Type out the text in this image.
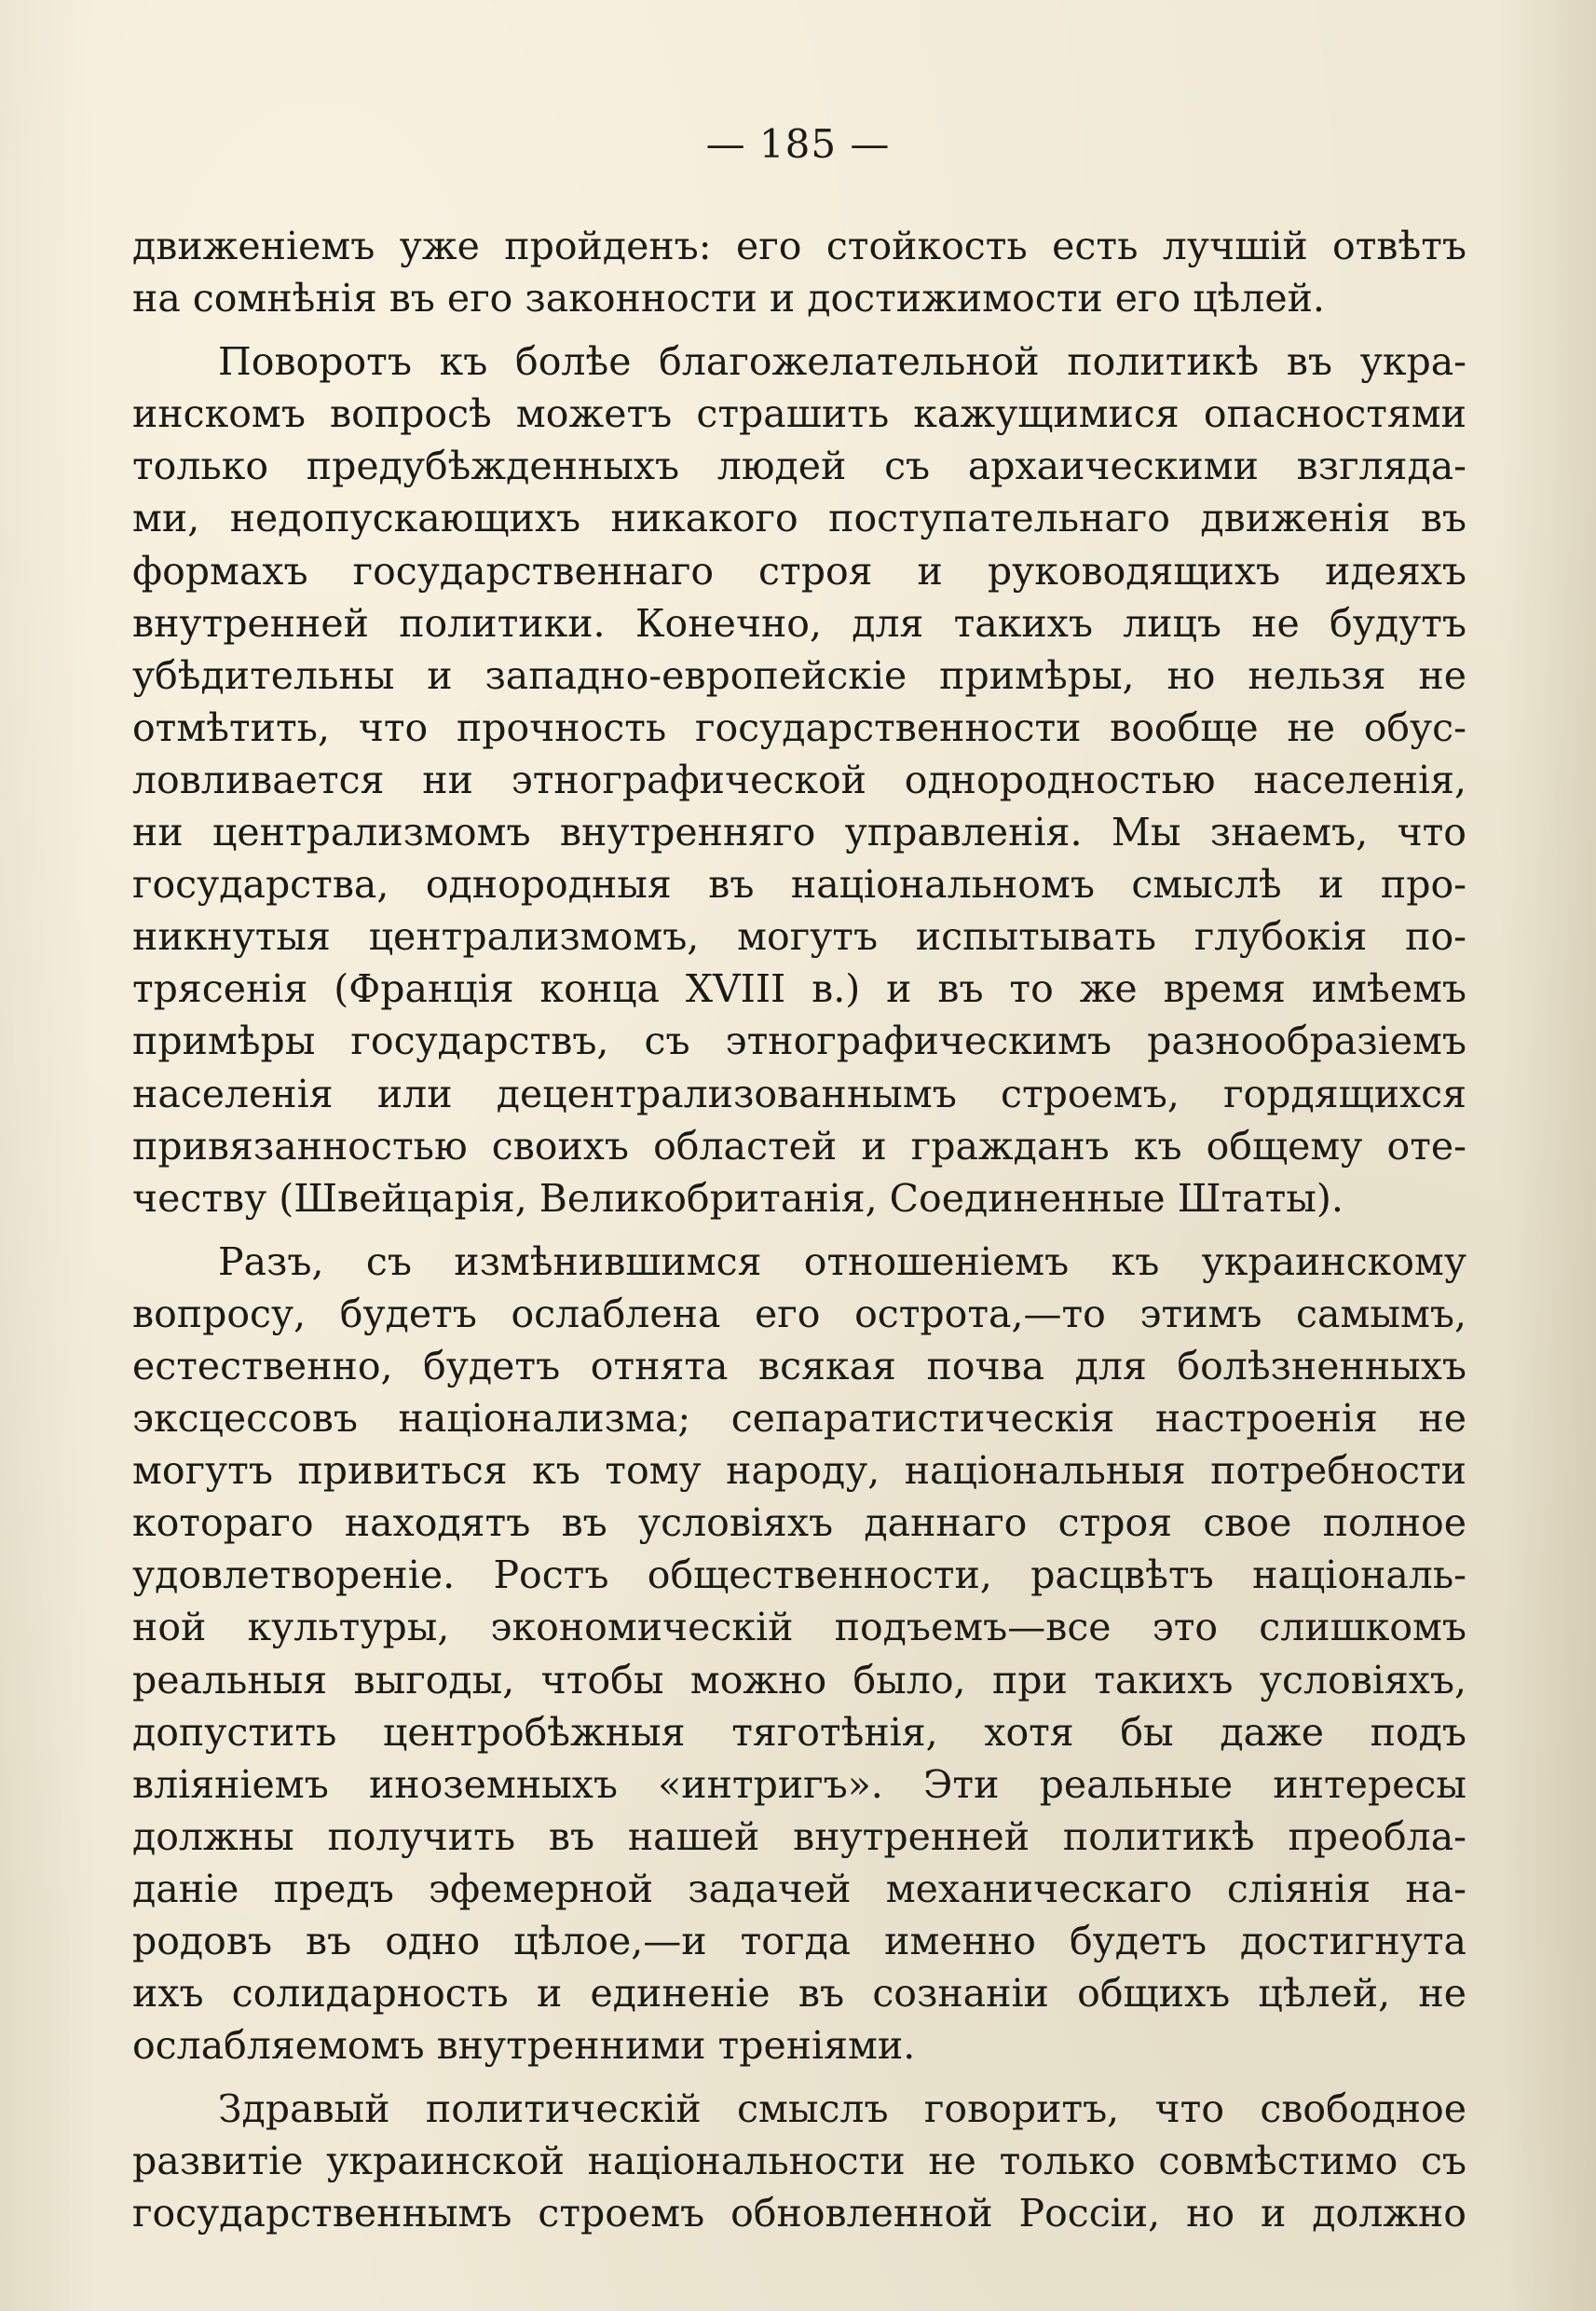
— 185 —
движенiемъ уже пройденъ: его стойкость есть лучшiй отвѣтъ
на сомнѣнiя въ его законности и достижимости его цѣлей.
Поворотъ къ болѣе благожелательной политикѣ въ укра-
инскомъ вопросѣ можетъ страшить кажущимися опасностями
только предубѣжденныхъ людей съ архаическими взгляда-
ми, недопускающихъ никакого поступательнаго движенiя въ
формахъ государственнаго строя и руководящихъ идеяхъ
внутренней политики. Конечно, для такихъ лицъ не будутъ
убѣдительны и западно-европейскiе примѣры, но нельзя не
отмѣтить, что прочность государственности вообще не обус-
ловливается ни этнографической однородностью населенiя,
ни централизмомъ внутренняго управленiя. Мы знаемъ, что
государства, однородныя въ нацiональномъ смыслѣ и про-
никнутыя централизмомъ, могутъ испытывать глубокiя по-
трясенiя (Францiя конца XVIII в.) и въ то же время имѣемъ
примѣры государствъ, съ этнографическимъ разнообразiемъ
населенiя или децентрализованнымъ строемъ, гордящихся
привязанностью своихъ областей и гражданъ къ общему оте-
честву (Швейцарiя, Великобританiя, Соединенные Штаты).
Разъ, съ измѣнившимся отношенiемъ къ украинскому
вопросу, будетъ ослаблена его острота,—то этимъ самымъ,
естественно, будетъ отнята всякая почва для болѣзненныхъ
эксцессовъ нацiонализма; сепаратистическiя настроенiя не
могутъ привиться къ тому народу, нацiональныя потребности
котораго находятъ въ условiяхъ даннаго строя свое полное
удовлетворенiе. Ростъ общественности, расцвѣтъ нацiональ-
ной культуры, экономическiй подъемъ—все это слишкомъ
реальныя выгоды, чтобы можно было, при такихъ условiяхъ,
допустить центробѣжныя тяготѣнiя, хотя бы даже подъ
влiянiемъ иноземныхъ «интригъ». Эти реальные интересы
должны получить въ нашей внутренней политикѣ преобла-
данiе предъ эфемерной задачей механическаго слiянiя на-
родовъ въ одно цѣлое,—и тогда именно будетъ достигнута
ихъ солидарность и единенiе въ сознанiи общихъ цѣлей, не
ослабляемомъ внутренними тренiями.
Здравый политическiй смыслъ говоритъ, что свободное
развитiе украинской нацiональности не только совмѣстимо съ
государственнымъ строемъ обновленной Россiи, но и должно
